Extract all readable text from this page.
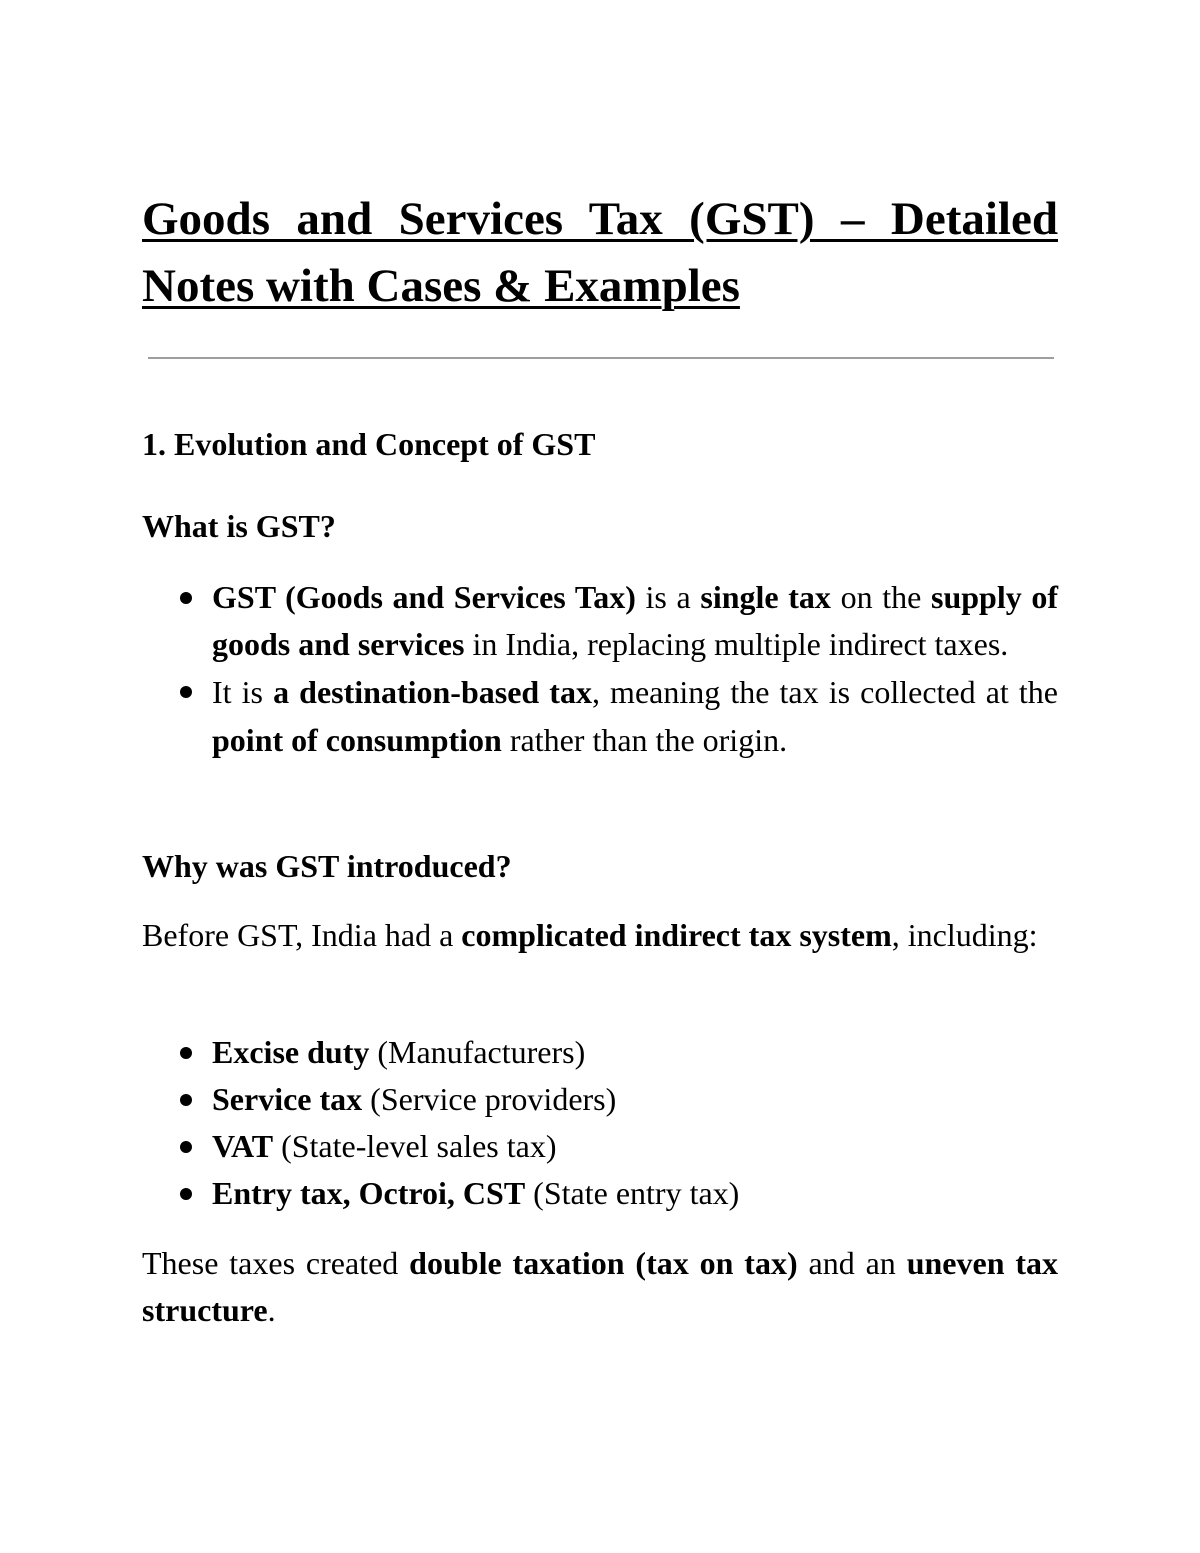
Goods and Services Tax (GST) – Detailed Notes with Cases & Examples
1. Evolution and Concept of GST
What is GST?
GST (Goods and Services Tax) is a single tax on the supply of goods and services in India, replacing multiple indirect taxes.
It is a destination-based tax, meaning the tax is collected at the point of consumption rather than the origin.
Why was GST introduced?

Before GST, India had a complicated indirect tax system, including:

Excise duty (Manufacturers)
Service tax (Service providers)
VAT (State-level sales tax)
Entry tax, Octroi, CST (State entry tax)

These taxes created double taxation (tax on tax) and an uneven tax structure.
